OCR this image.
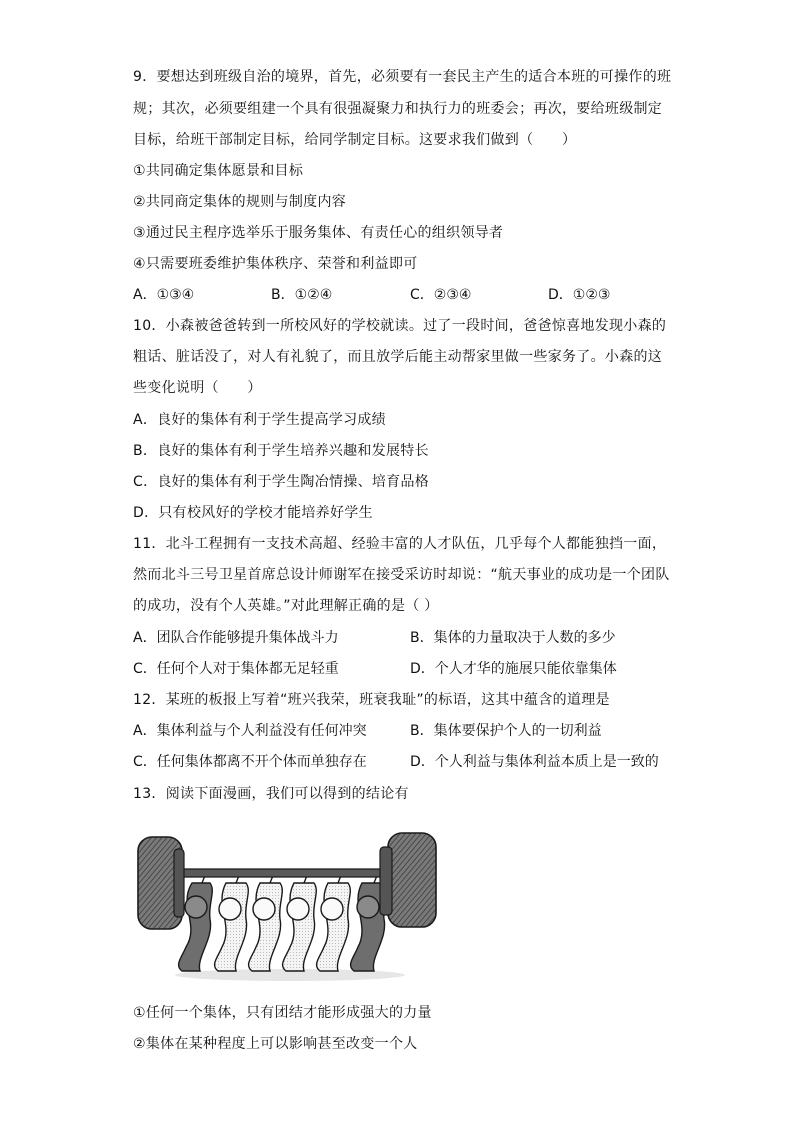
9．要想达到班级自治的境界，首先，必须要有一套民主产生的适合本班的可操作的班
规；其次，必须要组建一个具有很强凝聚力和执行力的班委会；再次，要给班级制定
目标，给班干部制定目标，给同学制定目标。这要求我们做到（　　）
①共同确定集体愿景和目标
②共同商定集体的规则与制度内容
③通过民主程序选举乐于服务集体、有责任心的组织领导者
④只需要班委维护集体秩序、荣誉和利益即可
A．①③④	B．①②④	C．②③④	D．①②③
10．小森被爸爸转到一所校风好的学校就读。过了一段时间，爸爸惊喜地发现小森的
粗话、脏话没了，对人有礼貌了，而且放学后能主动帮家里做一些家务了。小森的这
些变化说明（　　）
A．良好的集体有利于学生提高学习成绩
B．良好的集体有利于学生培养兴趣和发展特长
C．良好的集体有利于学生陶冶情操、培育品格
D．只有校风好的学校才能培养好学生
11．北斗工程拥有一支技术高超、经验丰富的人才队伍，几乎每个人都能独挡一面，
然而北斗三号卫星首席总设计师谢军在接受采访时却说：“航天事业的成功是一个团队
的成功，没有个人英雄。”对此理解正确的是（ ）
A．团队合作能够提升集体战斗力	B．集体的力量取决于人数的多少
C．任何个人对于集体都无足轻重	D．个人才华的施展只能依靠集体
12．某班的板报上写着“班兴我荣，班衰我耻”的标语，这其中蕴含的道理是
A．集体利益与个人利益没有任何冲突	B．集体要保护个人的一切利益
C．任何集体都离不开个体而单独存在	D．个人利益与集体利益本质上是一致的
13．阅读下面漫画，我们可以得到的结论有
①任何一个集体，只有团结才能形成强大的力量
②集体在某种程度上可以影响甚至改变一个人
